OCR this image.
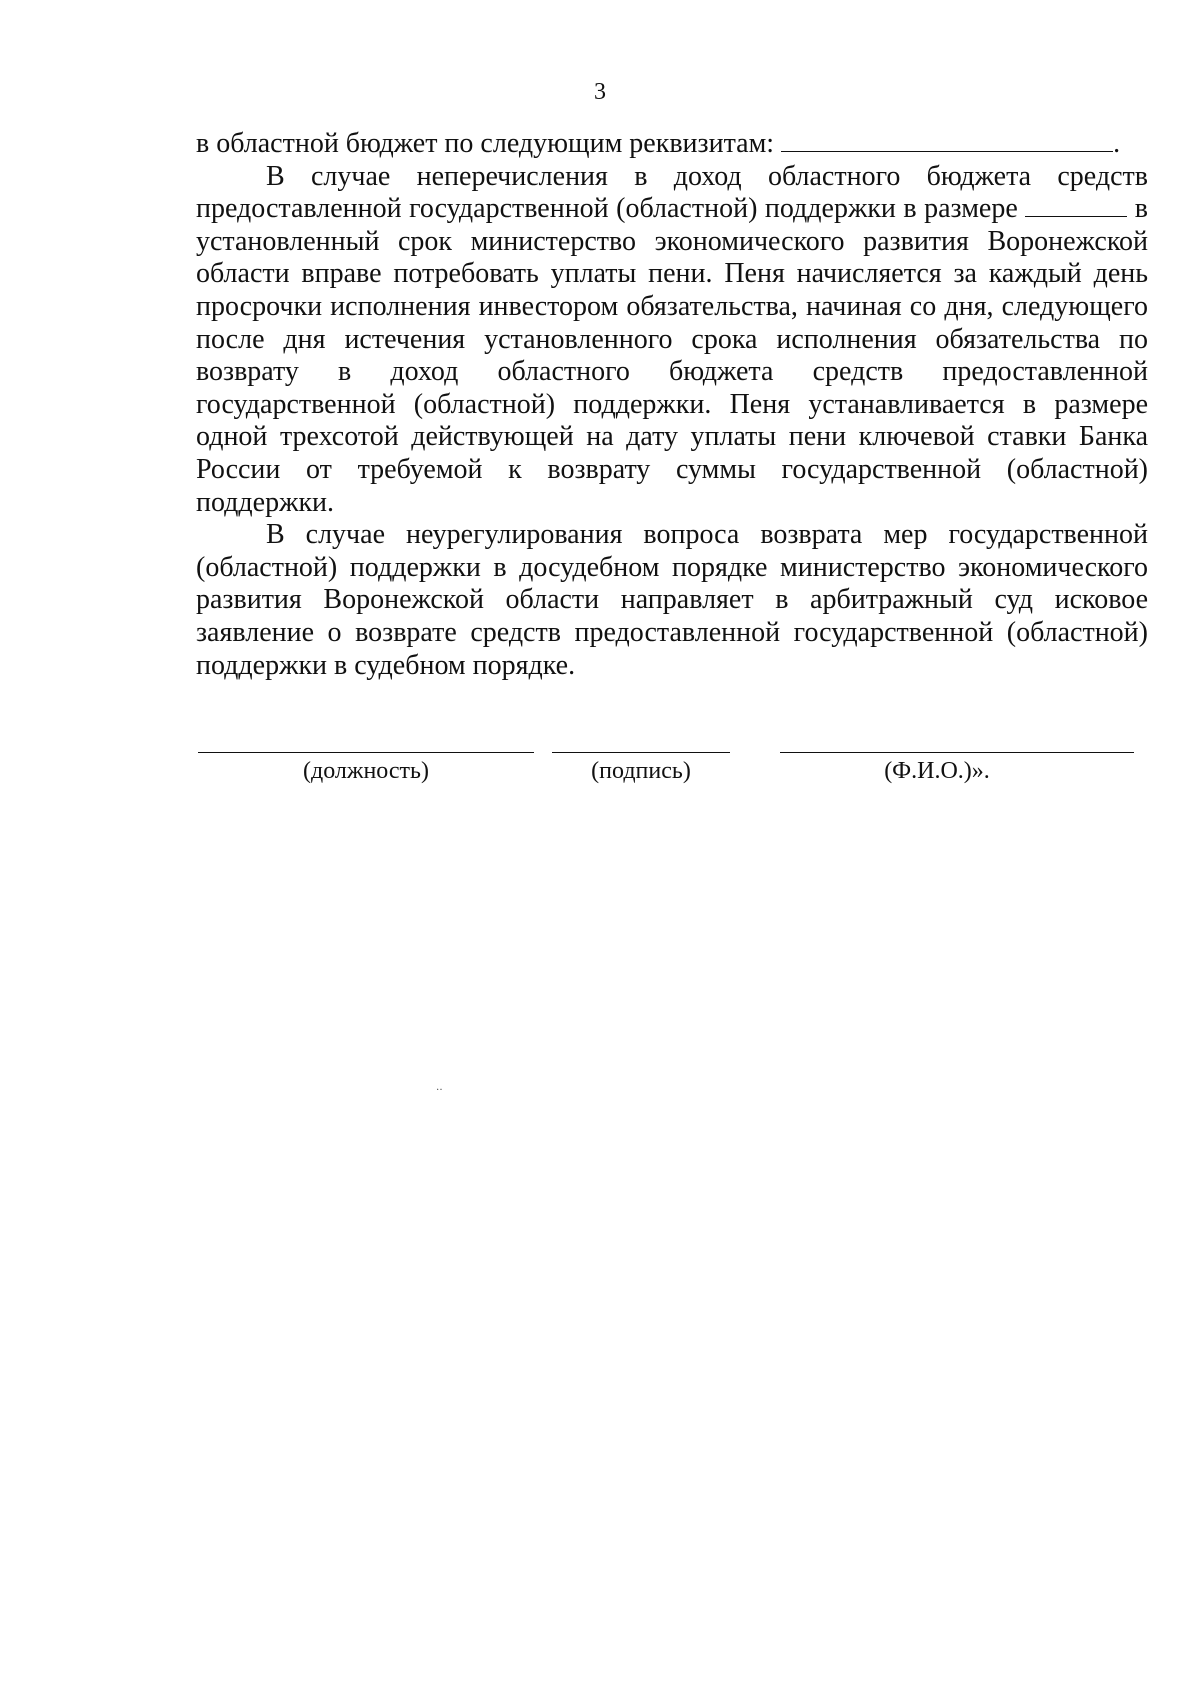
3

в областной бюджет по следующим реквизитам:	.

В случае неперечисления в доход областного бюджета средств предоставленной государственной (областной) поддержки в размере	в установленный срок министерство экономического развития Воронежской области вправе потребовать уплаты пени. Пеня начисляется за каждый день просрочки исполнения инвестором обязательства, начиная со дня, следующего после дня истечения установленного срока исполнения обязательства по возврату в доход областного бюджета средств предоставленной государственной (областной) поддержки. Пеня устанавливается в размере одной трехсотой действующей на дату уплаты пени ключевой ставки Банка России от требуемой к возврату суммы государственной (областной) поддержки.

В случае неурегулирования вопроса возврата мер государственной (областной) поддержки в досудебном порядке министерство экономического развития Воронежской области направляет в арбитражный суд исковое заявление о возврате средств предоставленной государственной (областной) поддержки в судебном порядке.

(должность)	(подпись)	(Ф.И.О.)».
‥
